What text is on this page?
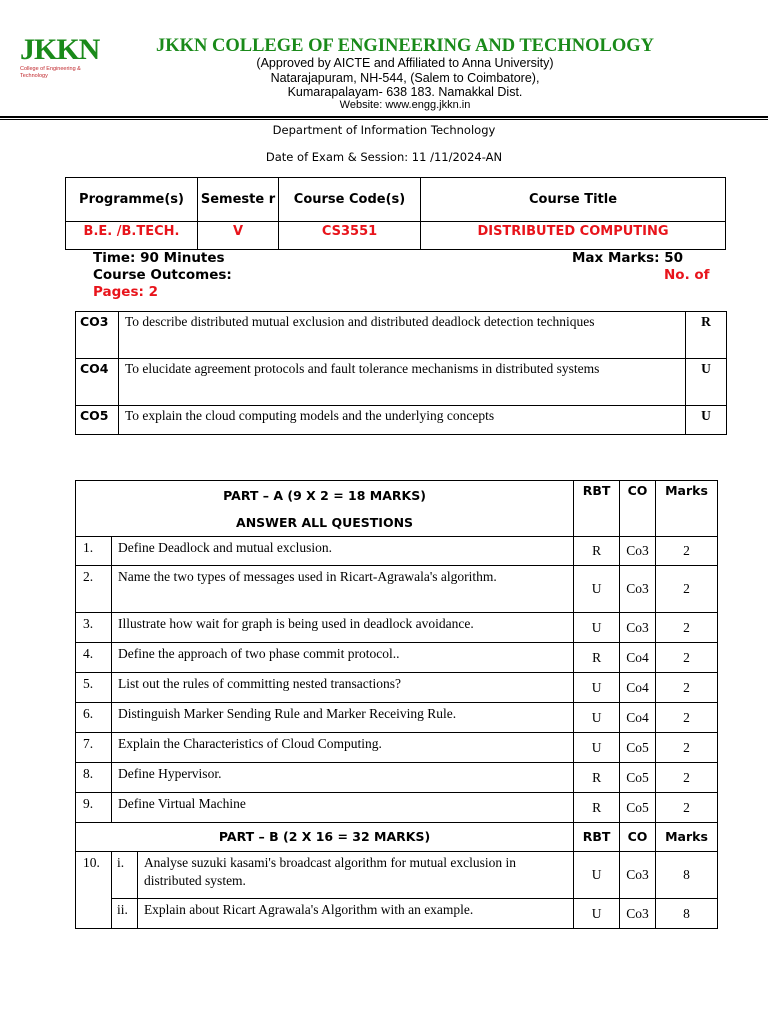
JKKN
College of Engineering & Technology
JKKN COLLEGE OF ENGINEERING AND TECHNOLOGY
(Approved by AICTE and Affiliated to Anna University)
Natarajapuram, NH-544, (Salem to Coimbatore),
Kumarapalayam- 638 183. Namakkal Dist.
Website: www.engg.jkkn.in
Department of Information Technology
Date of Exam & Session: 11 /11/2024-AN
Programme(s)	Semeste r	Course Code(s)	Course Title
B.E. /B.TECH.	V	CS3551	DISTRIBUTED COMPUTING
Time: 90 Minutes	Max Marks: 50
Course Outcomes:	No. of
Pages: 2
CO3	To describe distributed mutual exclusion and distributed deadlock detection techniques	R
CO4	To elucidate agreement protocols and fault tolerance mechanisms in distributed systems	U
CO5	To explain the cloud computing models and the underlying concepts	U
PART – A (9 X 2 = 18 MARKS)
ANSWER ALL QUESTIONS			RBT	CO	Marks
1.	Define Deadlock and mutual exclusion.		R	Co3	2
2.	Name the two types of messages used in Ricart-Agrawala's algorithm.		U	Co3	2
3.	Illustrate how wait for graph is being used in deadlock avoidance.		U	Co3	2
4.	Define the approach of two phase commit protocol..		R	Co4	2
5.	List out the rules of committing nested transactions?		U	Co4	2
6.	Distinguish Marker Sending Rule and Marker Receiving Rule.		U	Co4	2
7.	Explain the Characteristics of Cloud Computing.		U	Co5	2
8.	Define Hypervisor.		R	Co5	2
9.	Define Virtual Machine		R	Co5	2
PART – B (2 X 16 = 32 MARKS)			RBT	CO	Marks
10.	i.	Analyse suzuki kasami's broadcast algorithm for mutual exclusion in distributed system.	U	Co3	8
	ii.	Explain about Ricart Agrawala's Algorithm with an example.	U	Co3	8
